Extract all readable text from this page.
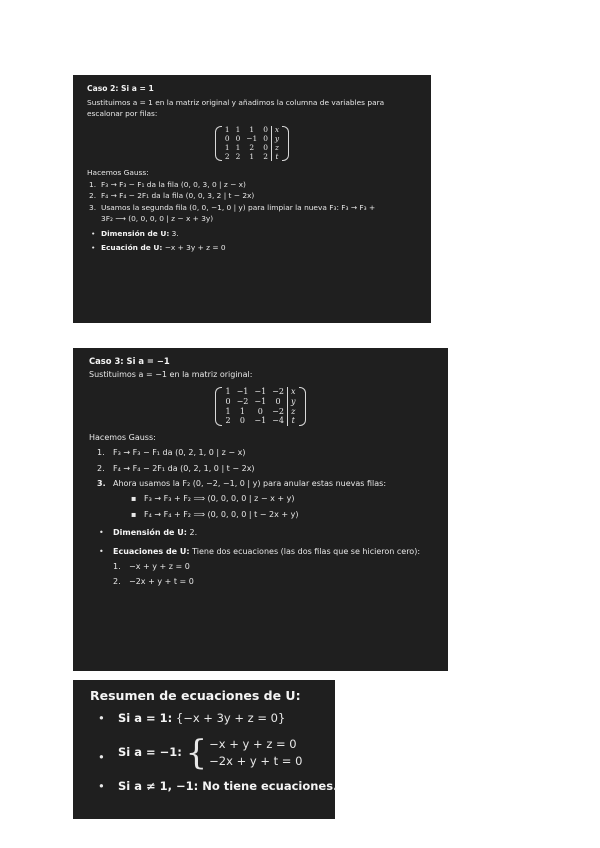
Caso 2: Si a = 1
Sustituimos a = 1 en la matriz original y añadimos la columna de variables para escalonar por filas:
1	1	1	0	x
0	0	−1	0	y
1	1	2	0	z
2	2	1	2	t
Hacemos Gauss:
1. F₃ → F₃ − F₁ da la fila (0, 0, 3, 0 | z − x)
2. F₄ → F₄ − 2F₁ da la fila (0, 0, 3, 2 | t − 2x)
3. Usamos la segunda fila (0, 0, −1, 0 | y) para limpiar la nueva F₃: F₃ → F₃ +
3F₂ ⟶ (0, 0, 0, 0 | z − x + 3y)
• Dimensión de U: 3.
• Ecuación de U: −x + 3y + z = 0
Caso 3: Si a = −1
Sustituimos a = −1 en la matriz original:
1	−1	−1	−2	x
0	−2	−1	0	y
1	1	0	−2	z
2	0	−1	−4	t
Hacemos Gauss:
1. F₃ → F₃ − F₁ da (0, 2, 1, 0 | z − x)
2. F₄ → F₄ − 2F₁ da (0, 2, 1, 0 | t − 2x)
3. Ahora usamos la F₂ (0, −2, −1, 0 | y) para anular estas nuevas filas:
▪ F₃ → F₃ + F₂ ⟹ (0, 0, 0, 0 | z − x + y)
▪ F₄ → F₄ + F₂ ⟹ (0, 0, 0, 0 | t − 2x + y)
• Dimensión de U: 2.
• Ecuaciones de U: Tiene dos ecuaciones (las dos filas que se hicieron cero):
1. −x + y + z = 0
2. −2x + y + t = 0
Resumen de ecuaciones de U:
• Si a = 1: {−x + 3y + z = 0}
• Si a = −1: { −x + y + z = 0
−2x + y + t = 0
• Si a ≠ 1, −1: No tiene ecuaciones.
